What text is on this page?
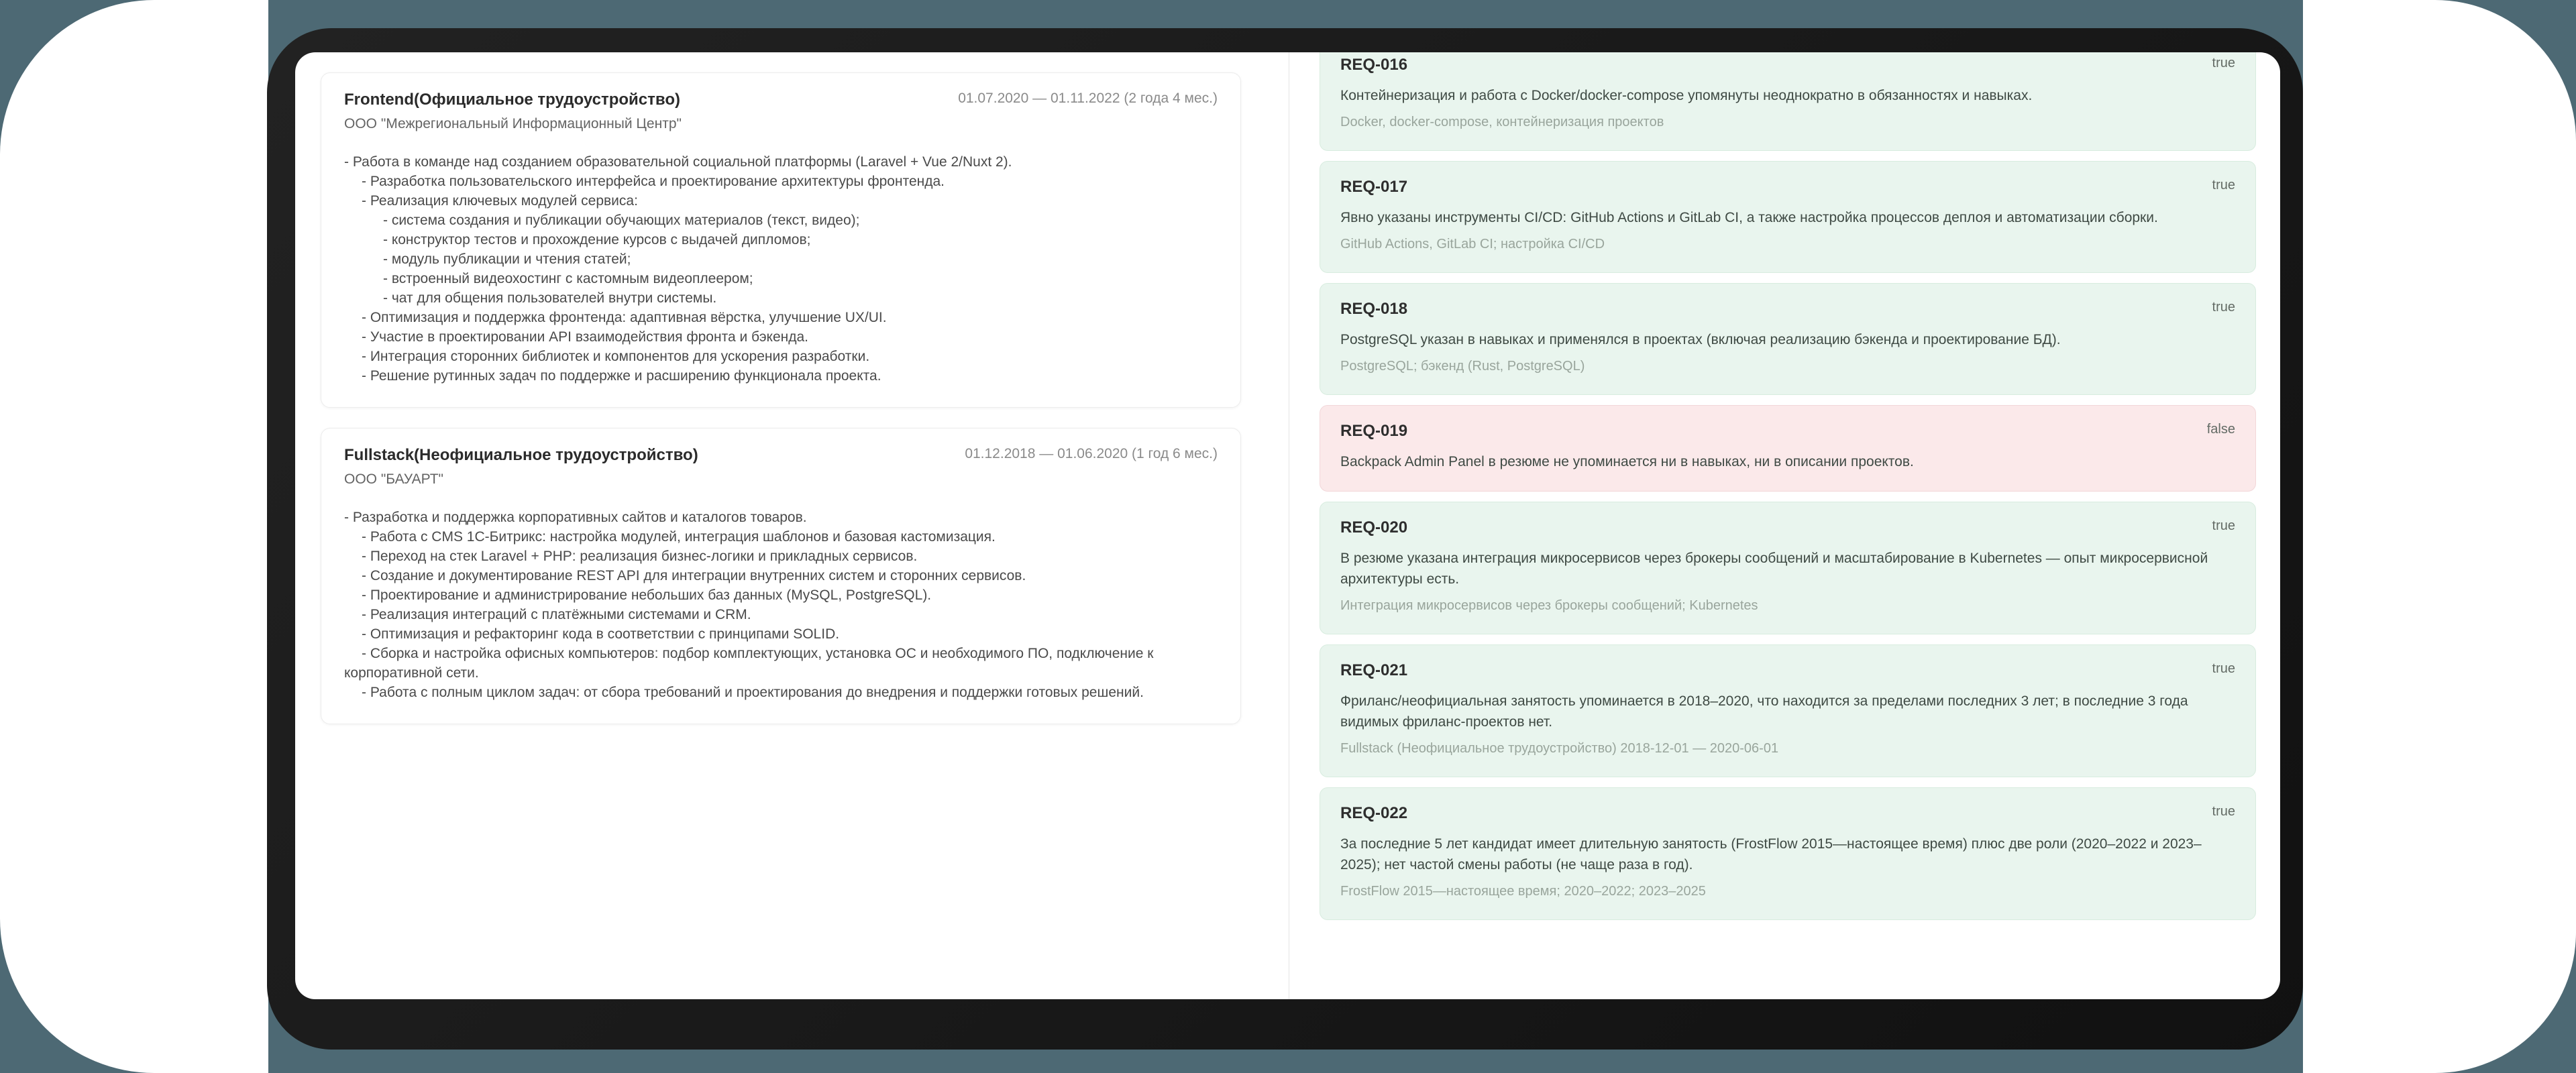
Frontend(Официальное трудоустройство)	01.07.2020 — 01.11.2022 (2 года 4 мес.)
ООО "Межрегиональный Информационный Центр"
- Работа в команде над созданием образовательной социальной платформы (Laravel + Vue 2/Nuxt 2).
- Разработка пользовательского интерфейса и проектирование архитектуры фронтенда.
- Реализация ключевых модулей сервиса:
- система создания и публикации обучающих материалов (текст, видео);
- конструктор тестов и прохождение курсов с выдачей дипломов;
- модуль публикации и чтения статей;
- встроенный видеохостинг с кастомным видеоплеером;
- чат для общения пользователей внутри системы.
- Оптимизация и поддержка фронтенда: адаптивная вёрстка, улучшение UX/UI.
- Участие в проектировании API взаимодействия фронта и бэкенда.
- Интеграция сторонних библиотек и компонентов для ускорения разработки.
- Решение рутинных задач по поддержке и расширению функционала проекта.
Fullstack(Неофициальное трудоустройство)	01.12.2018 — 01.06.2020 (1 год 6 мес.)
ООО "БАУАРТ"
- Разработка и поддержка корпоративных сайтов и каталогов товаров.
- Работа с CMS 1С-Битрикс: настройка модулей, интеграция шаблонов и базовая кастомизация.
- Переход на стек Laravel + PHP: реализация бизнес-логики и прикладных сервисов.
- Создание и документирование REST API для интеграции внутренних систем и сторонних сервисов.
- Проектирование и администрирование небольших баз данных (MySQL, PostgreSQL).
- Реализация интеграций с платёжными системами и CRM.
- Оптимизация и рефакторинг кода в соответствии с принципами SOLID.
- Сборка и настройка офисных компьютеров: подбор комплектующих, установка ОС и необходимого ПО, подключение к корпоративной сети.
- Работа с полным циклом задач: от сбора требований и проектирования до внедрения и поддержки готовых решений.
REQ-016	true
Контейнеризация и работа с Docker/docker-compose упомянуты неоднократно в обязанностях и навыках.
Docker, docker-compose, контейнеризация проектов
REQ-017	true
Явно указаны инструменты CI/CD: GitHub Actions и GitLab CI, а также настройка процессов деплоя и автоматизации сборки.
GitHub Actions, GitLab CI; настройка CI/CD
REQ-018	true
PostgreSQL указан в навыках и применялся в проектах (включая реализацию бэкенда и проектирование БД).
PostgreSQL; бэкенд (Rust, PostgreSQL)
REQ-019	false
Backpack Admin Panel в резюме не упоминается ни в навыках, ни в описании проектов.
REQ-020	true
В резюме указана интеграция микросервисов через брокеры сообщений и масштабирование в Kubernetes — опыт микросервисной архитектуры есть.
Интеграция микросервисов через брокеры сообщений; Kubernetes
REQ-021	true
Фриланс/неофициальная занятость упоминается в 2018–2020, что находится за пределами последних 3 лет; в последние 3 года видимых фриланс-проектов нет.
Fullstack (Неофициальное трудоустройство) 2018-12-01 — 2020-06-01
REQ-022	true
За последние 5 лет кандидат имеет длительную занятость (FrostFlow 2015—настоящее время) плюс две роли (2020–2022 и 2023–2025); нет частой смены работы (не чаще раза в год).
FrostFlow 2015—настоящее время; 2020–2022; 2023–2025
